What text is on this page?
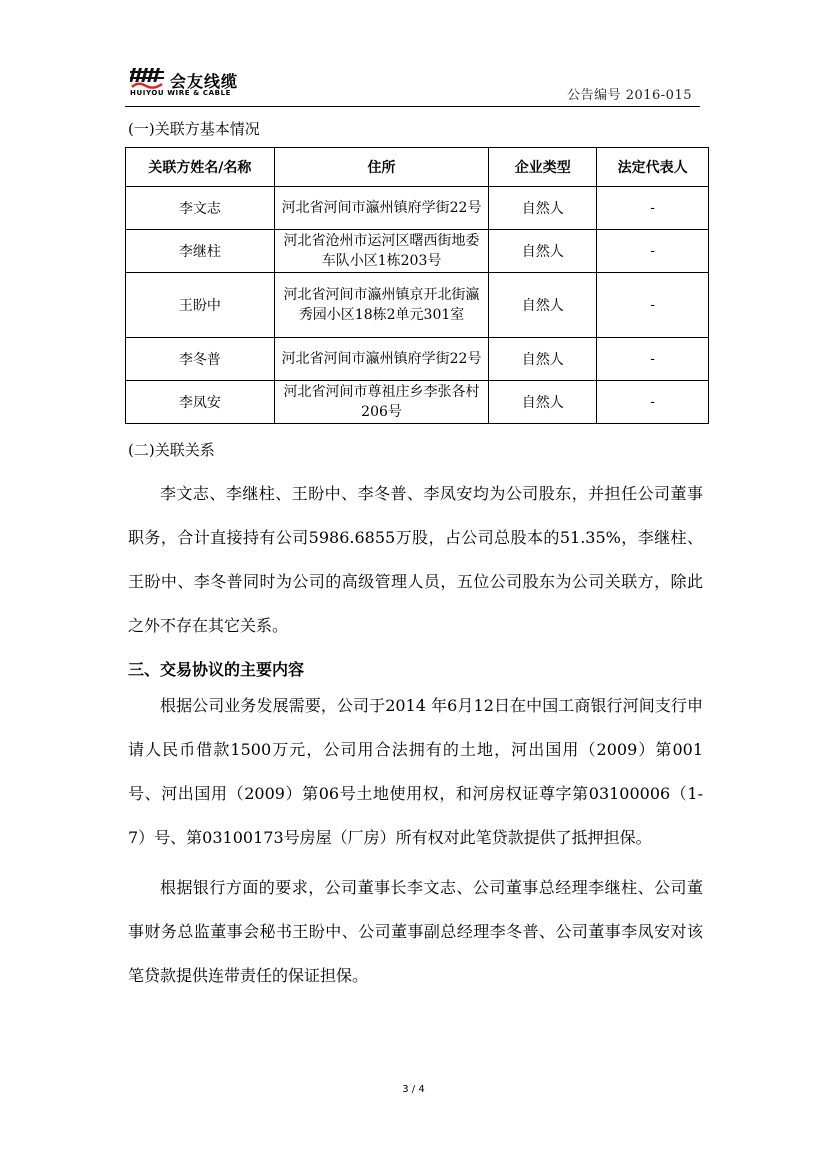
会友线缆
HUIYOU WIRE & CABLE	公告编号 2016-015
(一)关联方基本情况
关联方姓名/名称	住所	企业类型	法定代表人
李文志	河北省河间市瀛州镇府学街22号	自然人	-
李继柱	河北省沧州市运河区曙西街地委车队小区1栋203号	自然人	-
王盼中	河北省河间市瀛州镇京开北街瀛秀园小区18栋2单元301室	自然人	-
李冬普	河北省河间市瀛州镇府学街22号	自然人	-
李凤安	河北省河间市尊祖庄乡李张各村206号	自然人	-
(二)关联关系

李文志、李继柱、王盼中、李冬普、李凤安均为公司股东，并担任公司董事职务，合计直接持有公司5986.6855万股，占公司总股本的51.35%，李继柱、王盼中、李冬普同时为公司的高级管理人员，五位公司股东为公司关联方，除此之外不存在其它关系。

三、交易协议的主要内容

根据公司业务发展需要，公司于2014 年6月12日在中国工商银行河间支行申请人民币借款1500万元，公司用合法拥有的土地，河出国用（2009）第001号、河出国用（2009）第06号土地使用权，和河房权证尊字第03100006（1-7）号、第03100173号房屋（厂房）所有权对此笔贷款提供了抵押担保。

根据银行方面的要求，公司董事长李文志、公司董事总经理李继柱、公司董事财务总监董事会秘书王盼中、公司董事副总经理李冬普、公司董事李凤安对该笔贷款提供连带责任的保证担保。

3 / 4
